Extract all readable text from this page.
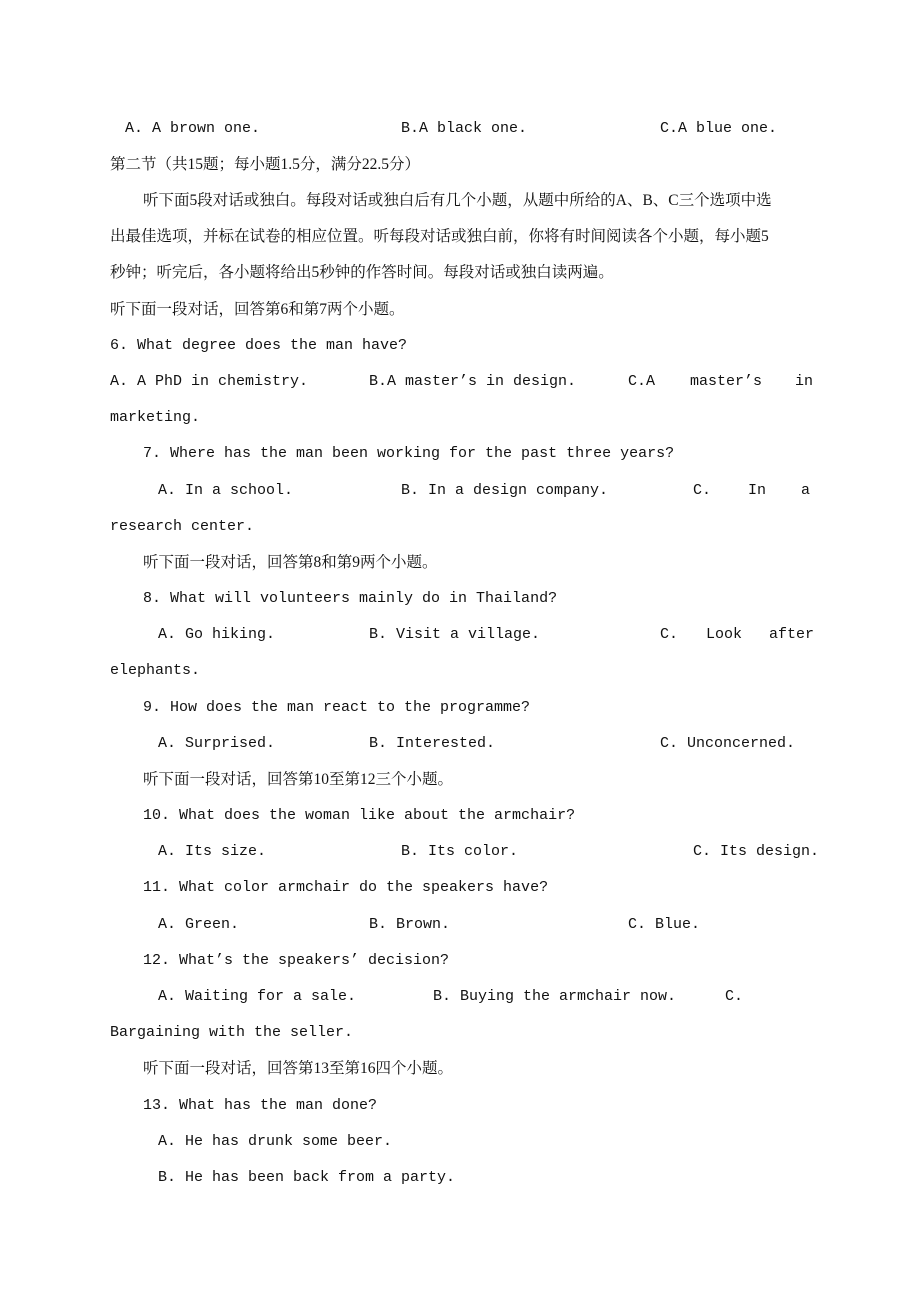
A. A brown one.	B.A black one.	C.A blue one.
第二节（共15题；每小题1.5分，满分22.5分）
听下面5段对话或独白。每段对话或独白后有几个小题，从题中所给的A、B、C三个选项中选
出最佳选项，并标在试卷的相应位置。听每段对话或独白前，你将有时间阅读各个小题，每小题5
秒钟；听完后，各小题将给出5秒钟的作答时间。每段对话或独白读两遍。
听下面一段对话，回答第6和第7两个小题。
6. What degree does the man have?
A. A PhD in chemistry.	B.A master’s in design.	C.A master’s in
marketing.
7. Where has the man been working for the past three years?
A. In a school.	B. In a design company.	C. In a
research center.
听下面一段对话，回答第8和第9两个小题。
8. What will volunteers mainly do in Thailand?
A. Go hiking.	B. Visit a village.	C. Look after
elephants.
9. How does the man react to the programme?
A. Surprised.	B. Interested.	C. Unconcerned.
听下面一段对话，回答第10至第12三个小题。
10. What does the woman like about the armchair?
A. Its size.	B. Its color.	C. Its design.
11. What color armchair do the speakers have?
A. Green.	B. Brown.	C. Blue.
12. What’s the speakers’ decision?
A. Waiting for a sale.	B. Buying the armchair now.	C.
Bargaining with the seller.
听下面一段对话，回答第13至第16四个小题。
13. What has the man done?
A. He has drunk some beer.
B. He has been back from a party.
